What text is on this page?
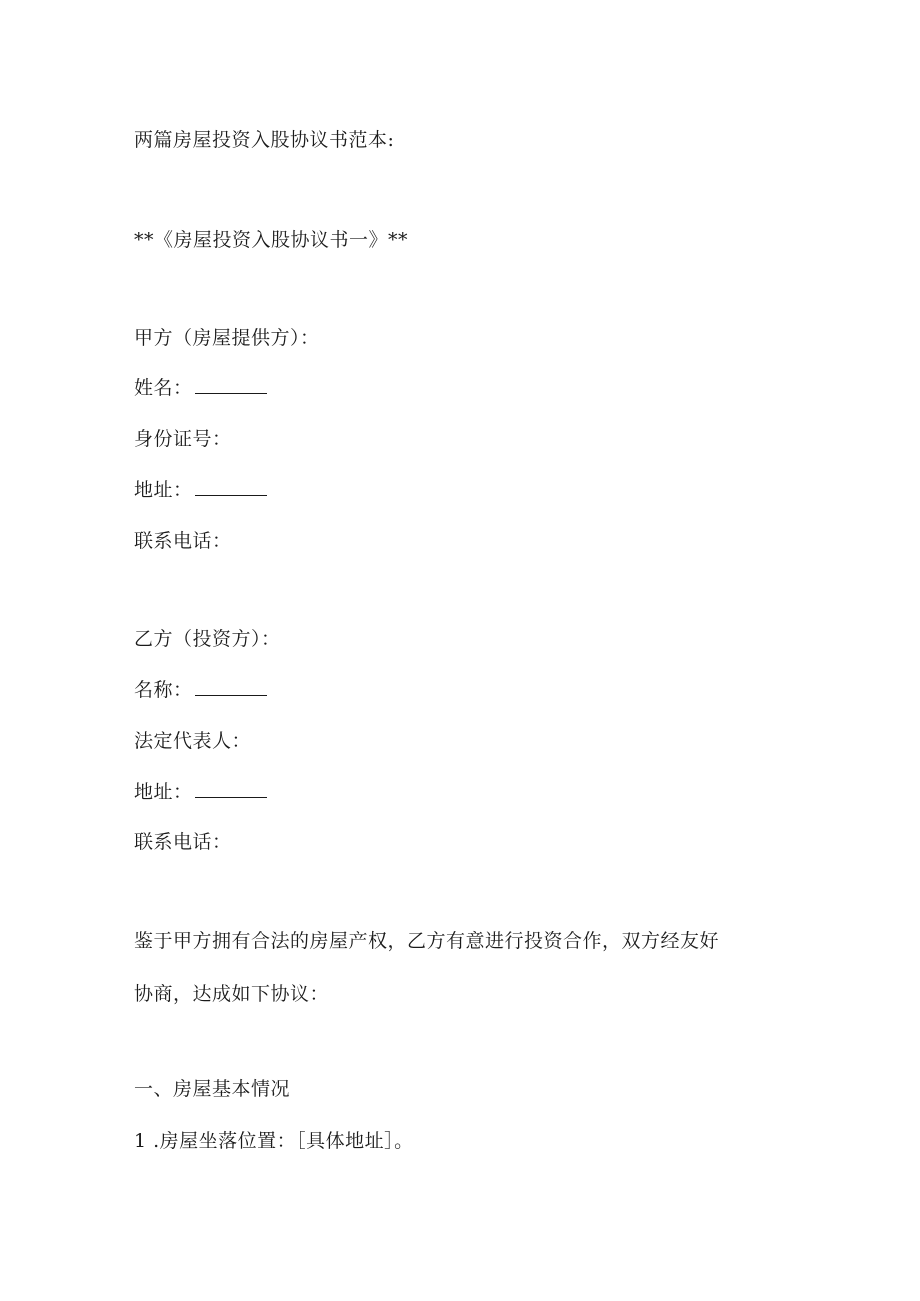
两篇房屋投资入股协议书范本:
**《房屋投资入股协议书一》**
甲方（房屋提供方）：
姓名：
身份证号：
地址：
联系电话：
乙方（投资方）：
名称：
法定代表人：
地址：
联系电话：
鉴于甲方拥有合法的房屋产权，乙方有意进行投资合作，双方经友好
协商，达成如下协议：
一、房屋基本情况
1 .房屋坐落位置：［具体地址］。
